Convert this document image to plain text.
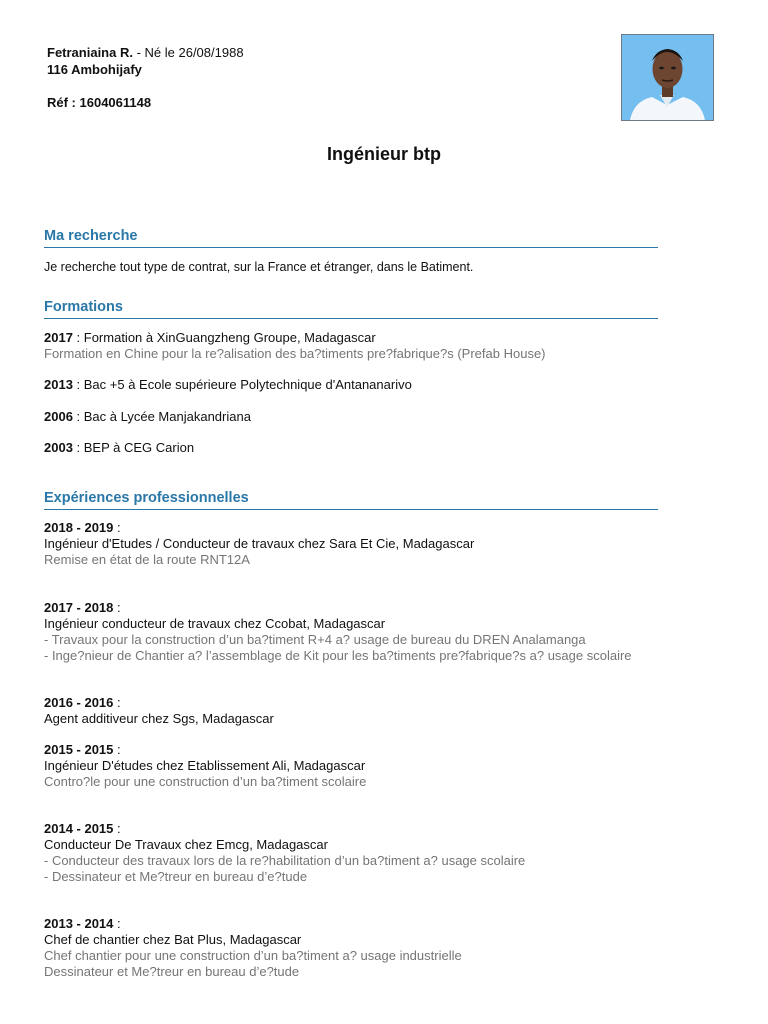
Fetraniaina R. - Né le 26/08/1988
116 Ambohijafy
Réf : 1604061148
Ingénieur btp
Ma recherche
Je recherche tout type de contrat, sur la France et étranger, dans le Batiment.
Formations
2017 : Formation à XinGuangzheng Groupe, Madagascar
Formation en Chine pour la re?alisation des ba?timents pre?fabrique?s (Prefab House)
2013 : Bac +5 à Ecole supérieure Polytechnique d'Antananarivo
2006 : Bac à Lycée Manjakandriana
2003 : BEP à CEG Carion
Expériences professionnelles
2018 - 2019 :
Ingénieur d'Etudes / Conducteur de travaux chez Sara Et Cie, Madagascar
Remise en état de la route RNT12A
2017 - 2018 :
Ingénieur conducteur de travaux chez Ccobat, Madagascar
- Travaux pour la construction d’un ba?timent R+4 a? usage de bureau du DREN Analamanga
- Inge?nieur de Chantier a? l’assemblage de Kit pour les ba?timents pre?fabrique?s a? usage scolaire
2016 - 2016 :
Agent additiveur chez Sgs, Madagascar
2015 - 2015 :
Ingénieur D'études chez Etablissement Ali, Madagascar
Contro?le pour une construction d’un ba?timent scolaire
2014 - 2015 :
Conducteur De Travaux chez Emcg, Madagascar
- Conducteur des travaux lors de la re?habilitation d’un ba?timent a? usage scolaire
- Dessinateur et Me?treur en bureau d’e?tude
2013 - 2014 :
Chef de chantier chez Bat Plus, Madagascar
Chef chantier pour une construction d’un ba?timent a? usage industrielle
Dessinateur et Me?treur en bureau d’e?tude
